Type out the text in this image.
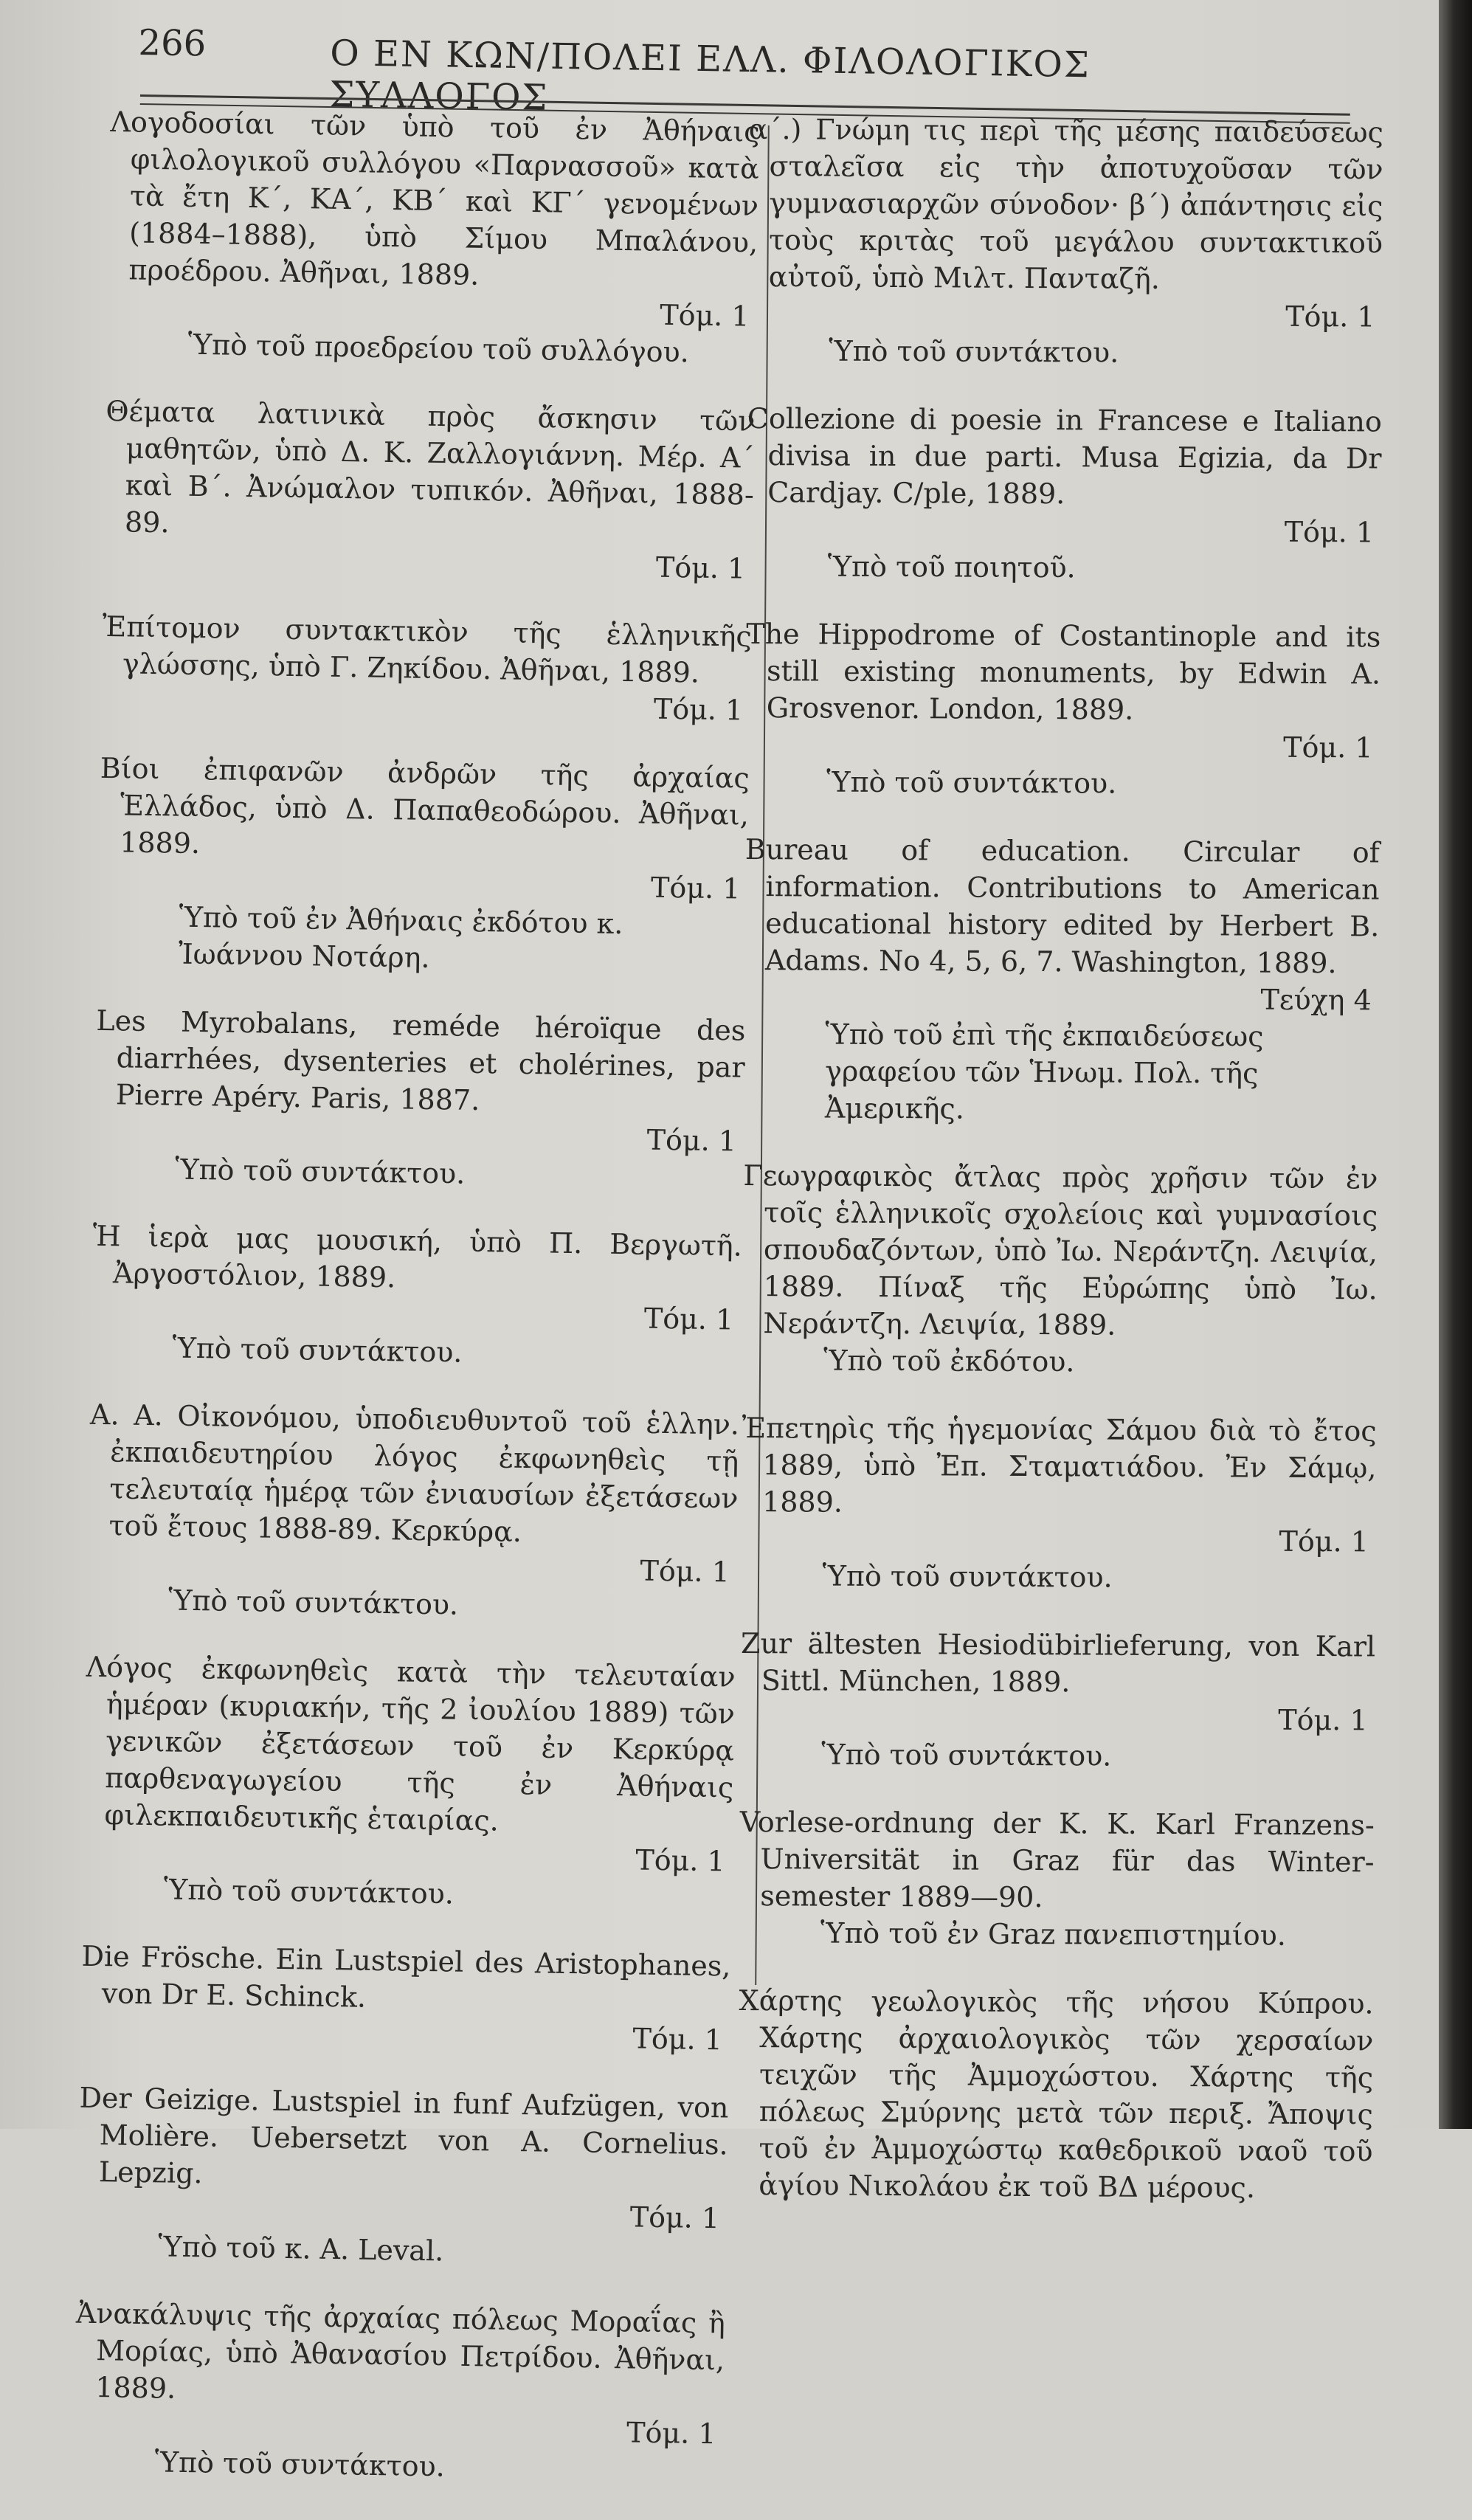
266	Ο ΕΝ ΚΩΝ/ΠΟΛΕΙ ΕΛΛ. ΦΙΛΟΛΟΓΙΚΟΣ ΣΥΛΛΟΓΟΣ

Λογοδοσίαι τῶν ὑπὸ τοῦ ἐν Ἀθήναις φιλολογικοῦ συλλόγου «Παρνασσοῦ» κατὰ τὰ ἔτη Κ΄, ΚΑ΄, ΚΒ΄ καὶ ΚΓ΄ γενομένων (1884–1888), ὑπὸ Σίμου Μπαλάνου, προέδρου. Ἀθῆναι, 1889.

Τόμ. 1

Ὑπὸ τοῦ προεδρείου τοῦ συλλόγου.

Θέματα λατινικὰ πρὸς ἄσκησιν τῶν μαθητῶν, ὑπὸ Δ. Κ. Ζαλλογιάννη. Μέρ. Α΄ καὶ Β΄. Ἀνώμαλον τυπικόν. Ἀθῆναι, 1888-89.

Τόμ. 1

Ἐπίτομον συντακτικὸν τῆς ἑλληνικῆς γλώσσης, ὑπὸ Γ. Ζηκίδου. Ἀθῆναι, 1889.

Τόμ. 1

Βίοι ἐπιφανῶν ἀνδρῶν τῆς ἀρχαίας Ἑλλάδος, ὑπὸ Δ. Παπαθεοδώρου. Ἀθῆναι, 1889.

Τόμ. 1

Ὑπὸ τοῦ ἐν Ἀθήναις ἐκδότου κ. Ἰωάννου Νοτάρη.

Les Myrobalans, reméde héroïque des diarrhées, dysenteries et cholérines, par Pierre Apéry. Paris, 1887.

Τόμ. 1

Ὑπὸ τοῦ συντάκτου.

Ἡ ἱερὰ μας μουσική, ὑπὸ Π. Βεργωτῆ. Ἀργοστόλιον, 1889.

Τόμ. 1

Ὑπὸ τοῦ συντάκτου.

Α. Α. Οἰκονόμου, ὑποδιευθυντοῦ τοῦ ἑλλην. ἐκπαιδευτηρίου λόγος ἐκφωνηθεὶς τῇ τελευταίᾳ ἡμέρᾳ τῶν ἐνιαυσίων ἐξετάσεων τοῦ ἔτους 1888-89. Κερκύρᾳ.

Τόμ. 1

Ὑπὸ τοῦ συντάκτου.

Λόγος ἐκφωνηθεὶς κατὰ τὴν τελευταίαν ἡμέραν (κυριακήν, τῆς 2 ἰουλίου 1889) τῶν γενικῶν ἐξετάσεων τοῦ ἐν Κερκύρᾳ παρθεναγωγείου τῆς ἐν Ἀθήναις φιλεκπαιδευτικῆς ἑταιρίας.

Τόμ. 1

Ὑπὸ τοῦ συντάκτου.

Die Frösche. Ein Lustspiel des Aristophanes, von Dr E. Schinck.

Τόμ. 1

Der Geizige. Lustspiel in funf Aufzügen, von Molière. Uebersetzt von A. Cornelius. Lepzig.

Τόμ. 1

Ὑπὸ τοῦ κ. A. Leval.

Ἀνακάλυψις τῆς ἀρχαίας πόλεως Μοραΐας ἢ Μορίας, ὑπὸ Ἀθανασίου Πετρίδου. Ἀθῆναι, 1889.

Τόμ. 1

Ὑπὸ τοῦ συντάκτου.

α΄.) Γνώμη τις περὶ τῆς μέσης παιδεύσεως σταλεῖσα εἰς τὴν ἀποτυχοῦσαν τῶν γυμνασιαρχῶν σύνοδον· β΄) ἀπάντησις εἰς τοὺς κριτὰς τοῦ μεγάλου συντακτικοῦ αὐτοῦ, ὑπὸ Μιλτ. Πανταζῆ.

Τόμ. 1

Ὑπὸ τοῦ συντάκτου.

Collezione di poesie in Francese e Italiano divisa in due parti. Musa Egizia, da Dr Cardjay. C/ple, 1889.

Τόμ. 1

Ὑπὸ τοῦ ποιητοῦ.

The Hippodrome of Costantinople and its still existing monuments, by Edwin A. Grosvenor. London, 1889.

Τόμ. 1

Ὑπὸ τοῦ συντάκτου.

Bureau of education. Circular of information. Contributions to American educational history edited by Herbert B. Adams. No 4, 5, 6, 7. Washington, 1889.

Τεύχη 4

Ὑπὸ τοῦ ἐπὶ τῆς ἐκπαιδεύσεως γραφείου τῶν Ἡνωμ. Πολ. τῆς Ἀμερικῆς.

Γεωγραφικὸς ἄτλας πρὸς χρῆσιν τῶν ἐν τοῖς ἑλληνικοῖς σχολείοις καὶ γυμνασίοις σπουδαζόντων, ὑπὸ Ἰω. Νεράντζη. Λειψία, 1889. Πίναξ τῆς Εὐρώπης ὑπὸ Ἰω. Νεράντζη. Λειψία, 1889.

Ὑπὸ τοῦ ἐκδότου.

Ἐπετηρὶς τῆς ἡγεμονίας Σάμου διὰ τὸ ἔτος 1889, ὑπὸ Ἐπ. Σταματιάδου. Ἐν Σάμῳ, 1889.

Τόμ. 1

Ὑπὸ τοῦ συντάκτου.

Zur ältesten Hesiodübirlieferung, von Karl Sittl. München, 1889.

Τόμ. 1

Ὑπὸ τοῦ συντάκτου.

Vorlese-ordnung der K. K. Karl Franzens-Universität in Graz für das Winter-semester 1889—90.

Ὑπὸ τοῦ ἐν Graz πανεπιστημίου.

Χάρτης γεωλογικὸς τῆς νήσου Κύπρου. Χάρτης ἀρχαιολογικὸς τῶν χερσαίων τειχῶν τῆς Ἀμμοχώστου. Χάρτης τῆς πόλεως Σμύρνης μετὰ τῶν περιξ. Ἄποψις τοῦ ἐν Ἀμμοχώστῳ καθεδρικοῦ ναοῦ τοῦ ἁγίου Νικολάου ἐκ τοῦ ΒΔ μέρους.
